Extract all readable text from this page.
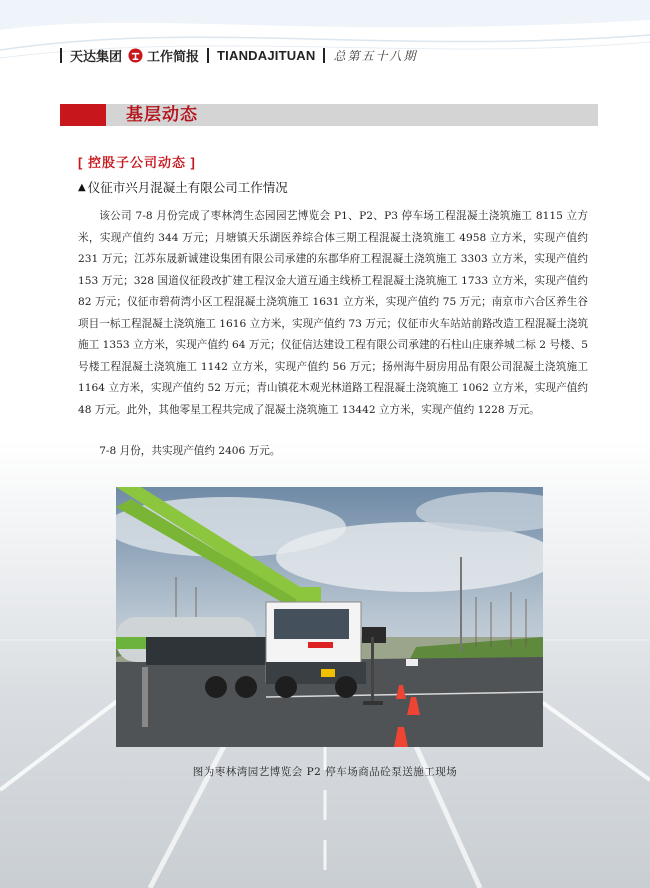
天达集团 工作简报 TIANDAJITUAN 总第五十八期
基层动态
[ 控股子公司动态 ]
▲ 仪征市兴月混凝土有限公司工作情况

该公司 7-8 月份完成了枣林湾生态园园艺博览会 P1、P2、P3 停车场工程混凝土浇筑施工 8115 立方米，实现产值约 344 万元；月塘镇天乐湖医养综合体三期工程混凝土浇筑施工 4958 立方米，实现产值约 231 万元；江苏东晟新诚建设集团有限公司承建的东郡华府工程混凝土浇筑施工 3303 立方米，实现产值约 153 万元；328 国道仪征段改扩建工程汉金大道互通主线桥工程混凝土浇筑施工 1733 立方米，实现产值约 82 万元；仪征市碧荷湾小区工程混凝土浇筑施工 1631 立方米，实现产值约 75 万元；南京市六合区养生谷项目一标工程混凝土浇筑施工 1616 立方米，实现产值约 73 万元；仪征市火车站站前路改造工程混凝土浇筑施工 1353 立方米，实现产值约 64 万元；仪征信达建设工程有限公司承建的石柱山庄康养城二标 2 号楼、5 号楼工程混凝土浇筑施工 1142 立方米，实现产值约 56 万元；扬州海牛厨房用品有限公司混凝土浇筑施工 1164 立方米，实现产值约 52 万元；青山镇花木观光林道路工程混凝土浇筑施工 1062 立方米，实现产值约 48 万元。此外，其他零星工程共完成了混凝土浇筑施工 13442 立方米，实现产值约 1228 万元。

7-8 月份，共实现产值约 2406 万元。

图为枣林湾园艺博览会 P2 停车场商品砼泵送施工现场
